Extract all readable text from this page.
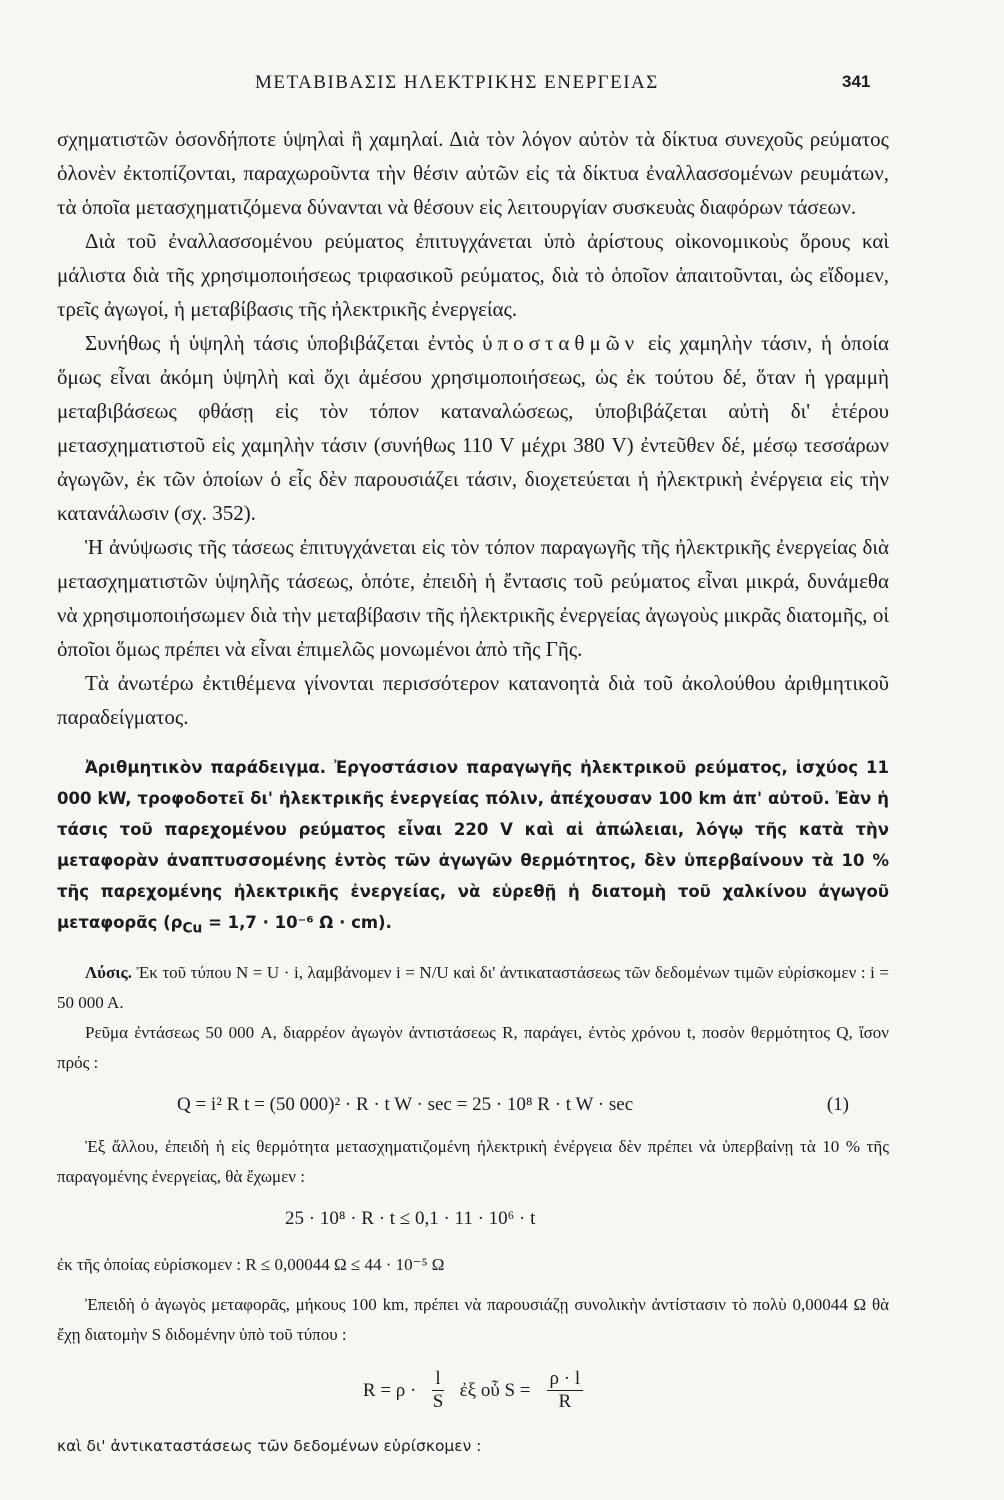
ΜΕΤΑΒΙΒΑΣΙΣ ΗΛΕΚΤΡΙΚΗΣ ΕΝΕΡΓΕΙΑΣ	341

σχηματιστῶν ὁσονδήποτε ὑψηλαὶ ἢ χαμηλαί. Διὰ τὸν λόγον αὐτὸν τὰ δίκτυα συνεχοῦς ρεύματος ὁλονὲν ἐκτοπίζονται, παραχωροῦντα τὴν θέσιν αὐτῶν εἰς τὰ δίκτυα ἐναλλασσομένων ρευμάτων, τὰ ὁποῖα μετασχηματιζόμενα δύνανται νὰ θέσουν εἰς λειτουργίαν συσκευὰς διαφόρων τάσεων.

Διὰ τοῦ ἐναλλασσομένου ρεύματος ἐπιτυγχάνεται ὑπὸ ἀρίστους οἰκονομικοὺς ὅρους καὶ μάλιστα διὰ τῆς χρησιμοποιήσεως τριφασικοῦ ρεύματος, διὰ τὸ ὁποῖον ἀπαιτοῦνται, ὡς εἴδομεν, τρεῖς ἀγωγοί, ἡ μεταβίβασις τῆς ἠλεκτρικῆς ἐνεργείας.

Συνήθως ἡ ὑψηλὴ τάσις ὑποβιβάζεται ἐντὸς ὑποσταθμῶν εἰς χαμηλὴν τάσιν, ἡ ὁποία ὅμως εἶναι ἀκόμη ὑψηλὴ καὶ ὄχι ἀμέσου χρησιμοποιήσεως, ὡς ἐκ τούτου δέ, ὅταν ἡ γραμμὴ μεταβιβάσεως φθάσῃ εἰς τὸν τόπον καταναλώσεως, ὑποβιβάζεται αὐτὴ δι' ἑτέρου μετασχηματιστοῦ εἰς χαμηλὴν τάσιν (συνήθως 110 V μέχρι 380 V) ἐντεῦθεν δέ, μέσῳ τεσσάρων ἀγωγῶν, ἐκ τῶν ὁποίων ὁ εἷς δὲν παρουσιάζει τάσιν, διοχετεύεται ἡ ἠλεκτρικὴ ἐνέργεια εἰς τὴν κατανάλωσιν (σχ. 352).

Ἡ ἀνύψωσις τῆς τάσεως ἐπιτυγχάνεται εἰς τὸν τόπον παραγωγῆς τῆς ἠλεκτρικῆς ἐνεργείας διὰ μετασχηματιστῶν ὑψηλῆς τάσεως, ὁπότε, ἐπειδὴ ἡ ἔντασις τοῦ ρεύματος εἶναι μικρά, δυνάμεθα νὰ χρησιμοποιήσωμεν διὰ τὴν μεταβίβασιν τῆς ἠλεκτρικῆς ἐνεργείας ἀγωγοὺς μικρᾶς διατομῆς, οἱ ὁποῖοι ὅμως πρέπει νὰ εἶναι ἐπιμελῶς μονωμένοι ἀπὸ τῆς Γῆς.

Τὰ ἀνωτέρω ἐκτιθέμενα γίνονται περισσότερον κατανοητὰ διὰ τοῦ ἀκολούθου ἀριθμητικοῦ παραδείγματος.

Ἀριθμητικὸν παράδειγμα. Ἐργοστάσιον παραγωγῆς ἠλεκτρικοῦ ρεύματος, ἰσχύος 11 000 kW, τροφοδοτεῖ δι' ἠλεκτρικῆς ἐνεργείας πόλιν, ἀπέχουσαν 100 km ἀπ' αὐτοῦ. Ἐὰν ἡ τάσις τοῦ παρεχομένου ρεύματος εἶναι 220 V καὶ αἱ ἀπώλειαι, λόγῳ τῆς κατὰ τὴν μεταφορὰν ἀναπτυσσομένης ἐντὸς τῶν ἀγωγῶν θερμότητος, δὲν ὑπερβαίνουν τὰ 10 % τῆς παρεχομένης ἠλεκτρικῆς ἐνεργείας, νὰ εὑρεθῇ ἡ διατομὴ τοῦ χαλκίνου ἀγωγοῦ μεταφορᾶς ($\rho_{Cu} = 1,7 \cdot 10^{-6}$ Ω · cm).

Λύσις. Ἐκ τοῦ τύπου N = U · i, λαμβάνομεν i = N/U καὶ δι' ἀντικαταστάσεως τῶν δεδομένων τιμῶν εὑρίσκομεν : i = 50 000 A.

Ρεῦμα ἐντάσεως 50 000 A, διαρρέον ἀγωγὸν ἀντιστάσεως R, παράγει, ἐντὸς χρόνου t, ποσὸν θερμότητος Q, ἴσον πρός :

Q = i² R t = (50 000)² · R · t W · sec = 25 · 10⁸ R · t W · sec	(1)

Ἐξ ἄλλου, ἐπειδὴ ἡ εἰς θερμότητα μετασχηματιζομένη ἠλεκτρικὴ ἐνέργεια δὲν πρέπει νὰ ὑπερβαίνῃ τὰ 10 % τῆς παραγομένης ἐνεργείας, θὰ ἔχωμεν :

25 · 10⁸ · R · t ≤ 0,1 · 11 · 10⁶ · t

ἐκ τῆς ὁποίας εὑρίσκομεν : R ≤ 0,00044 Ω ≤ 44 · 10⁻⁵ Ω

Ἐπειδὴ ὁ ἀγωγὸς μεταφορᾶς, μήκους 100 km, πρέπει νὰ παρουσιάζῃ συνολικὴν ἀντίστασιν τὸ πολὺ 0,00044 Ω θὰ ἔχῃ διατομὴν S διδομένην ὑπὸ τοῦ τύπου :

$R = \rho \cdot \frac{l}{S}$ ἐξ οὗ $S = \frac{\rho \cdot l}{R}$

καὶ δι' ἀντικαταστάσεως τῶν δεδομένων εὑρίσκομεν :
